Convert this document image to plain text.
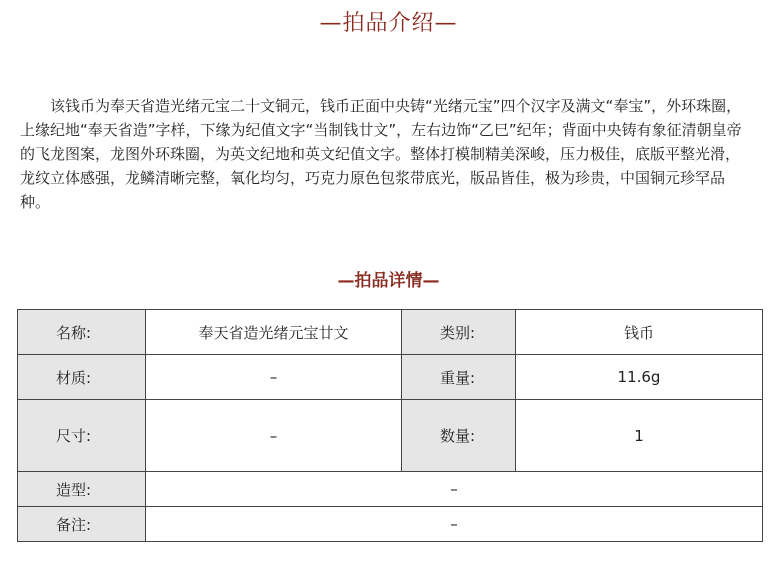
—拍品介绍—

该钱币为奉天省造光绪元宝二十文铜元，钱币正面中央铸“光绪元宝”四个汉字及满文“奉宝”，外环珠圈，上缘纪地“奉天省造”字样，下缘为纪值文字“当制钱廿文”，左右边饰“乙巳”纪年；背面中央铸有象征清朝皇帝的飞龙图案，龙图外环珠圈，为英文纪地和英文纪值文字。整体打模制精美深峻，压力极佳，底版平整光滑，龙纹立体感强，龙鳞清晰完整，氧化均匀，巧克力原色包浆带底光，版品皆佳，极为珍贵，中国铜元珍罕品种。

—拍品详情—
名称:	奉天省造光绪元宝廿文	类别:	钱币
材质:	–	重量:	11.6g
尺寸:	–	数量:	1
造型:	–		
备注:	–		
